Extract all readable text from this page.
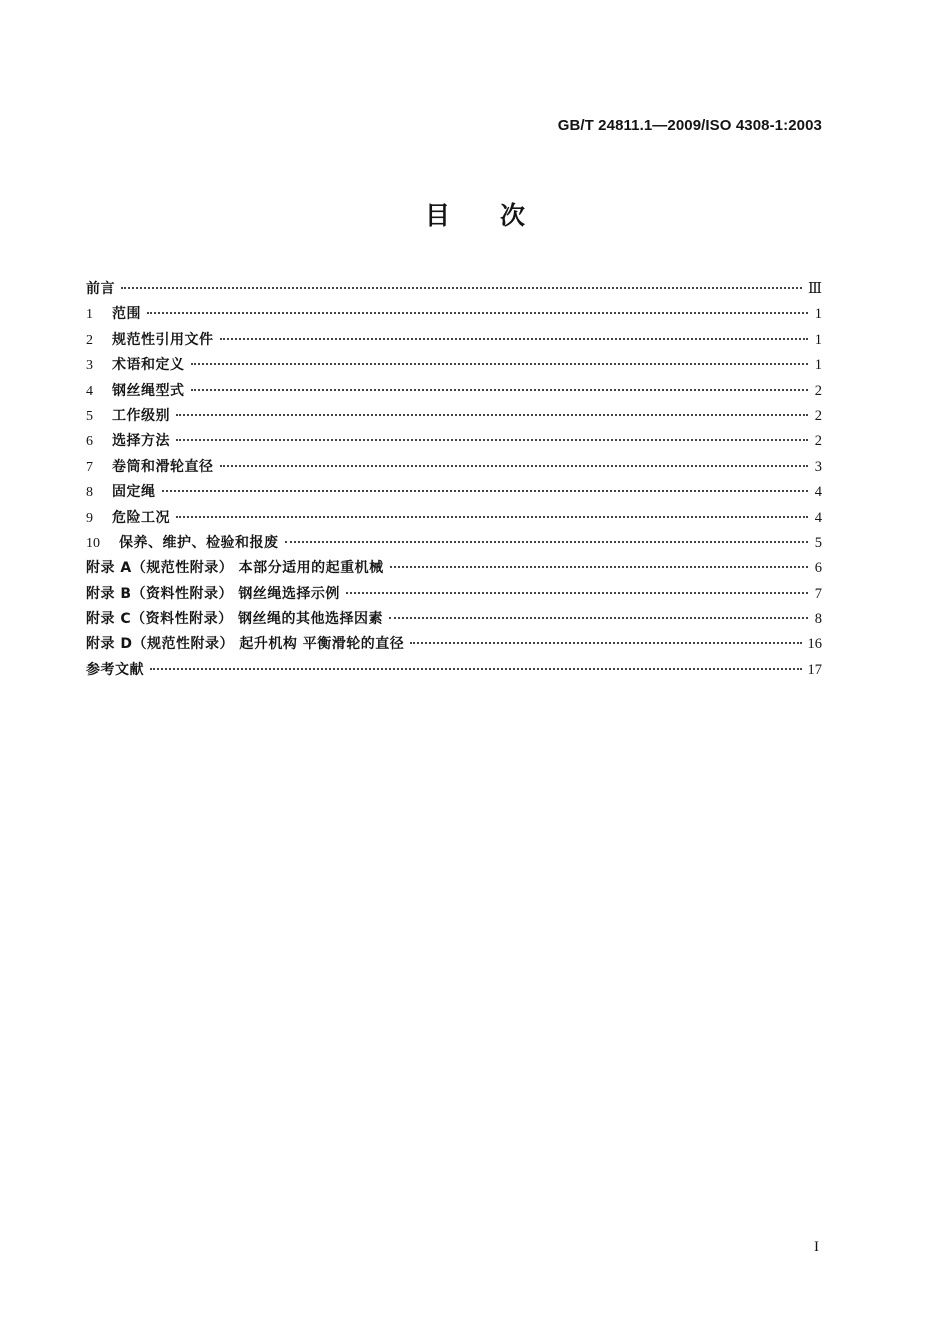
GB/T 24811.1—2009/ISO 4308-1:2003
目次
前言	Ⅲ
1	范围	1
2	规范性引用文件	1
3	术语和定义	1
4	钢丝绳型式	2
5	工作级别	2
6	选择方法	2
7	卷筒和滑轮直径	3
8	固定绳	4
9	危险工况	4
10	保养、维护、检验和报废	5
附录 A（规范性附录） 本部分适用的起重机械	6
附录 B（资料性附录） 钢丝绳选择示例	7
附录 C（资料性附录） 钢丝绳的其他选择因素	8
附录 D（规范性附录） 起升机构 平衡滑轮的直径	16
参考文献	17
I
